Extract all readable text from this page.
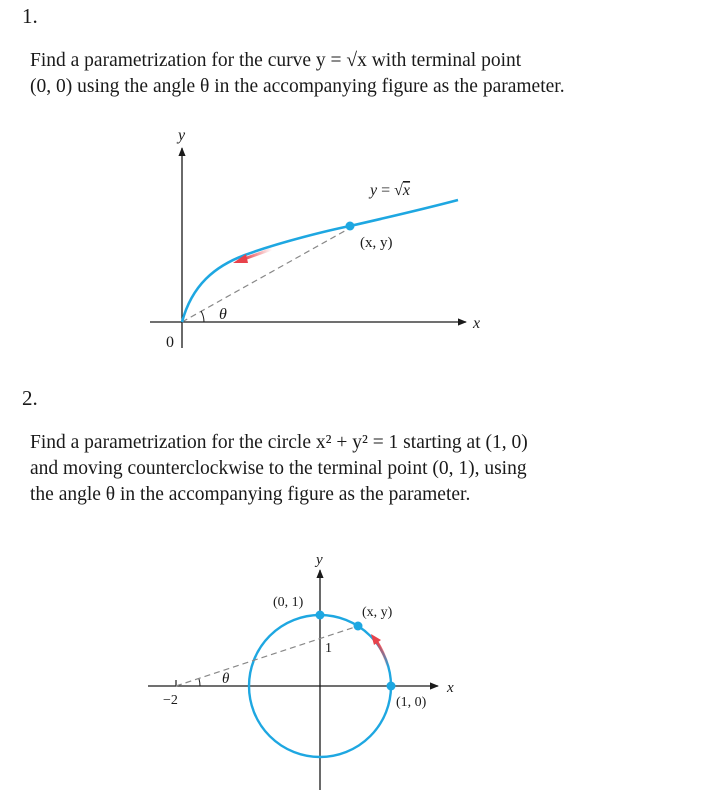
1.

Find a parametrization for the curve y = √x with terminal point
(0, 0) using the angle θ in the accompanying figure as the parameter.

y
x
0
θ
(x, y)
y = √x
2.

Find a parametrization for the circle x² + y² = 1 starting at (1, 0)
and moving counterclockwise to the terminal point (0, 1), using
the angle θ in the accompanying figure as the parameter.

y
x
−2
θ
1
(0, 1)
(x, y)
(1, 0)
